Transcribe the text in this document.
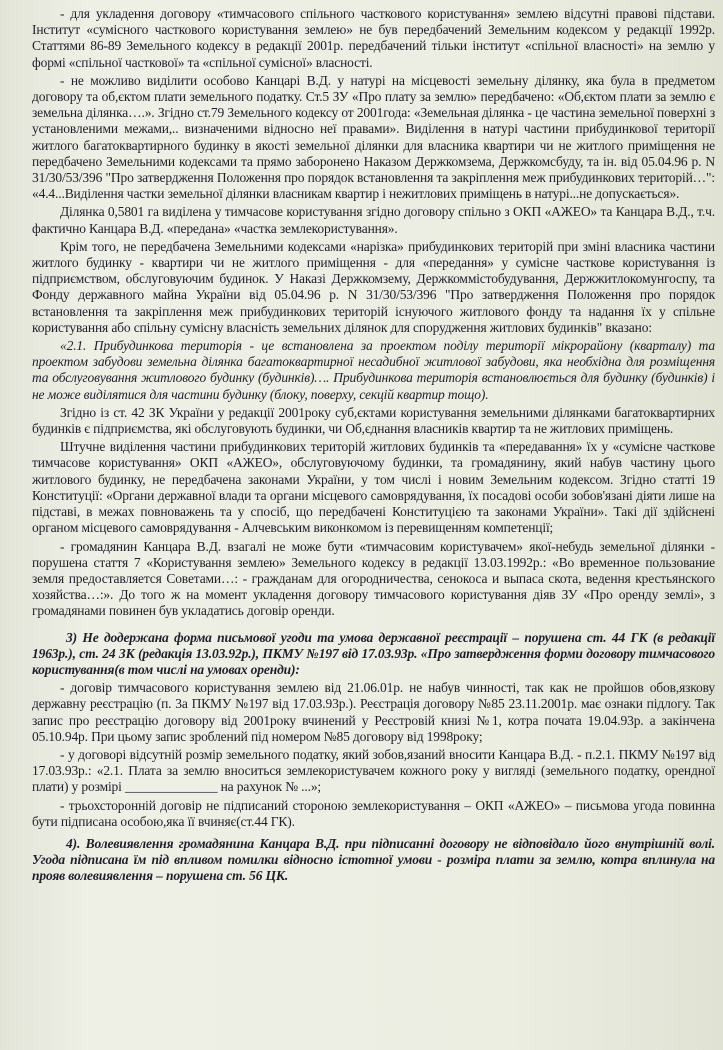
- для укладення договору «тимчасового спільного часткового користування» землею відсутні правові підстави. Інститут «сумісного часткового користування землею» не був передбачений Земельним кодексом у редакції 1992р. Статтями 86-89 Земельного кодексу в редакції 2001р. передбачений тільки інститут «спільної власності» на землю у формі «спільної часткової» та «спільної сумісної» власності.

- не можливо виділити особово Канцарі В.Д. у натурі на місцевості земельну ділянку, яка була в предметом договору та об,єктом плати земельного податку. Ст.5 ЗУ «Про плату за землю» передбачено: «Об,єктом плати за землю є земельна ділянка….». Згідно ст.79 Земельного кодексу от 2001года: «Земельная ділянка - це частина земельної поверхні з установленими межами,.. визначеними відносно неї правами». Виділення в натурі частини прибудинкової території житлого багатоквартирного будинку в якості земельної ділянки для власника квартири чи не житлого приміщення не передбачено Земельними кодексами та прямо заборонено Наказом Держкомзема, Держкомсбуду, та ін. від 05.04.96 р. N 31/30/53/396 "Про затвердження Положення про порядок встановлення та закріплення меж прибудинкових територій…": «4.4...Виділення частки земельної ділянки власникам квартир і нежитлових приміщень в натурі...не допускається».

Ділянка 0,5801 га виділена у тимчасове користування згідно договору спільно з ОКП «АЖЕО» та Канцара В.Д., т.ч. фактично Канцара В.Д. «передана» «частка землекористування».

Крім того, не передбачена Земельними кодексами «нарізка» прибудинкових територій при зміні власника частини житлого будинку - квартири чи не житлого приміщення - для «передання» у сумісне часткове користування із підприємством, обслуговуючим будинок. У Наказі Держкомзему, Держкоммістобудування, Держжитлокомунгоспу, та Фонду державного майна України від 05.04.96 р. N 31/30/53/396 "Про затвердження Положення про порядок встановлення та закріплення меж прибудинкових територій існуючого житлового фонду та надання їх у спільне користування або спільну сумісну власність земельних ділянок для спорудження житлових будинків" вказано:

«2.1. Прибудинкова територія - це встановлена за проектом поділу території мікрорайону (кварталу) та проектом забудови земельна ділянка багатоквартирної несадибної житлової забудови, яка необхідна для розміщення та обслуговування житлового будинку (будинків)…. Прибудинкова територія встановлюється для будинку (будинків) і не може виділятися для частини будинку (блоку, поверху, секцій квартир тощо).

Згідно із ст. 42 ЗК України у редакції 2001року суб,єктами користування земельними ділянками багатоквартирних будинків є підприємства, які обслуговують будинки, чи Об,єднання власників квартир та не житлових приміщень.

Штучне виділення частини прибудинкових територій житлових будинків та «передавання» їх у «сумісне часткове тимчасове користування» ОКП «АЖЕО», обслуговуючому будинки, та громадянину, який набув частину цього житлового будинку, не передбачена законами України, у том числі і новим Земельним кодексом. Згідно статті 19 Конституції: «Органи державної влади та органи місцевого самоврядування, їх посадові особи зобов'язані діяти лише на підставі, в межах повноважень та у спосіб, що передбачені Конституцією та законами України». Такі дії здійснені органом місцевого самоврядування - Алчевським виконкомом із перевищенням компетенції;

- громадянин Канцара В.Д. взагалі не може бути «тимчасовим користувачем» якої-небудь земельної ділянки - порушена стаття 7 «Користування землею» Земельного кодексу в редакції 13.03.1992р.: «Во временное пользование земля предоставляется Советами…: - гражданам для огородничества, сенокоса и выпаса скота, ведення крестьянского хозяйства…:». До того ж на момент укладення договору тимчасового користування діяв ЗУ «Про оренду землі», з громадянами повинен був укладатись договір оренди.

3) Не додержана форма письмової угоди та умова державної реєстрації – порушена ст. 44 ГК (в редакції 1963р.), ст. 24 ЗК (редакція 13.03.92р.), ПКМУ №197 від 17.03.93р. «Про затвердження форми договору тимчасового користування(в том числі на умовах оренди):

- договір тимчасового користування землею від 21.06.01р. не набув чинності, так как не пройшов обов,язкову державну реєстрацію (п. 3а ПКМУ №197 від 17.03.93р.). Реєстрація договору №85 23.11.2001р. має ознаки підлогу. Так запис про реєстрацію договору від 2001року вчинений у Реєстровій книзі №1, котра почата 19.04.93р. а закінчена 05.10.94р. При цьому запис зроблений під номером №85 договору від 1998року;

- у договорі відсутній розмір земельного податку, який зобов,язаний вносити Канцара В.Д. - п.2.1. ПКМУ №197 від 17.03.93р.: «2.1. Плата за землю вноситься землекористувачем кожного року у вигляді (земельного податку, орендної плати) у розмірі ______________ на рахунок № ...»;

- трьохсторонній договір не підписаний стороною землекористування – ОКП «АЖЕО» – письмова угода повинна бути підписана особою,яка її вчиняє(ст.44 ГК).

4). Волевиявлення громадянина Канцара В.Д. при підписанні договору не відповідало його внутрішній волі. Угода підписана їм під впливом помилки відносно істотної умови - розміра плати за землю, котра вплинула на прояв волевиявлення – порушена ст. 56 ЦК.
